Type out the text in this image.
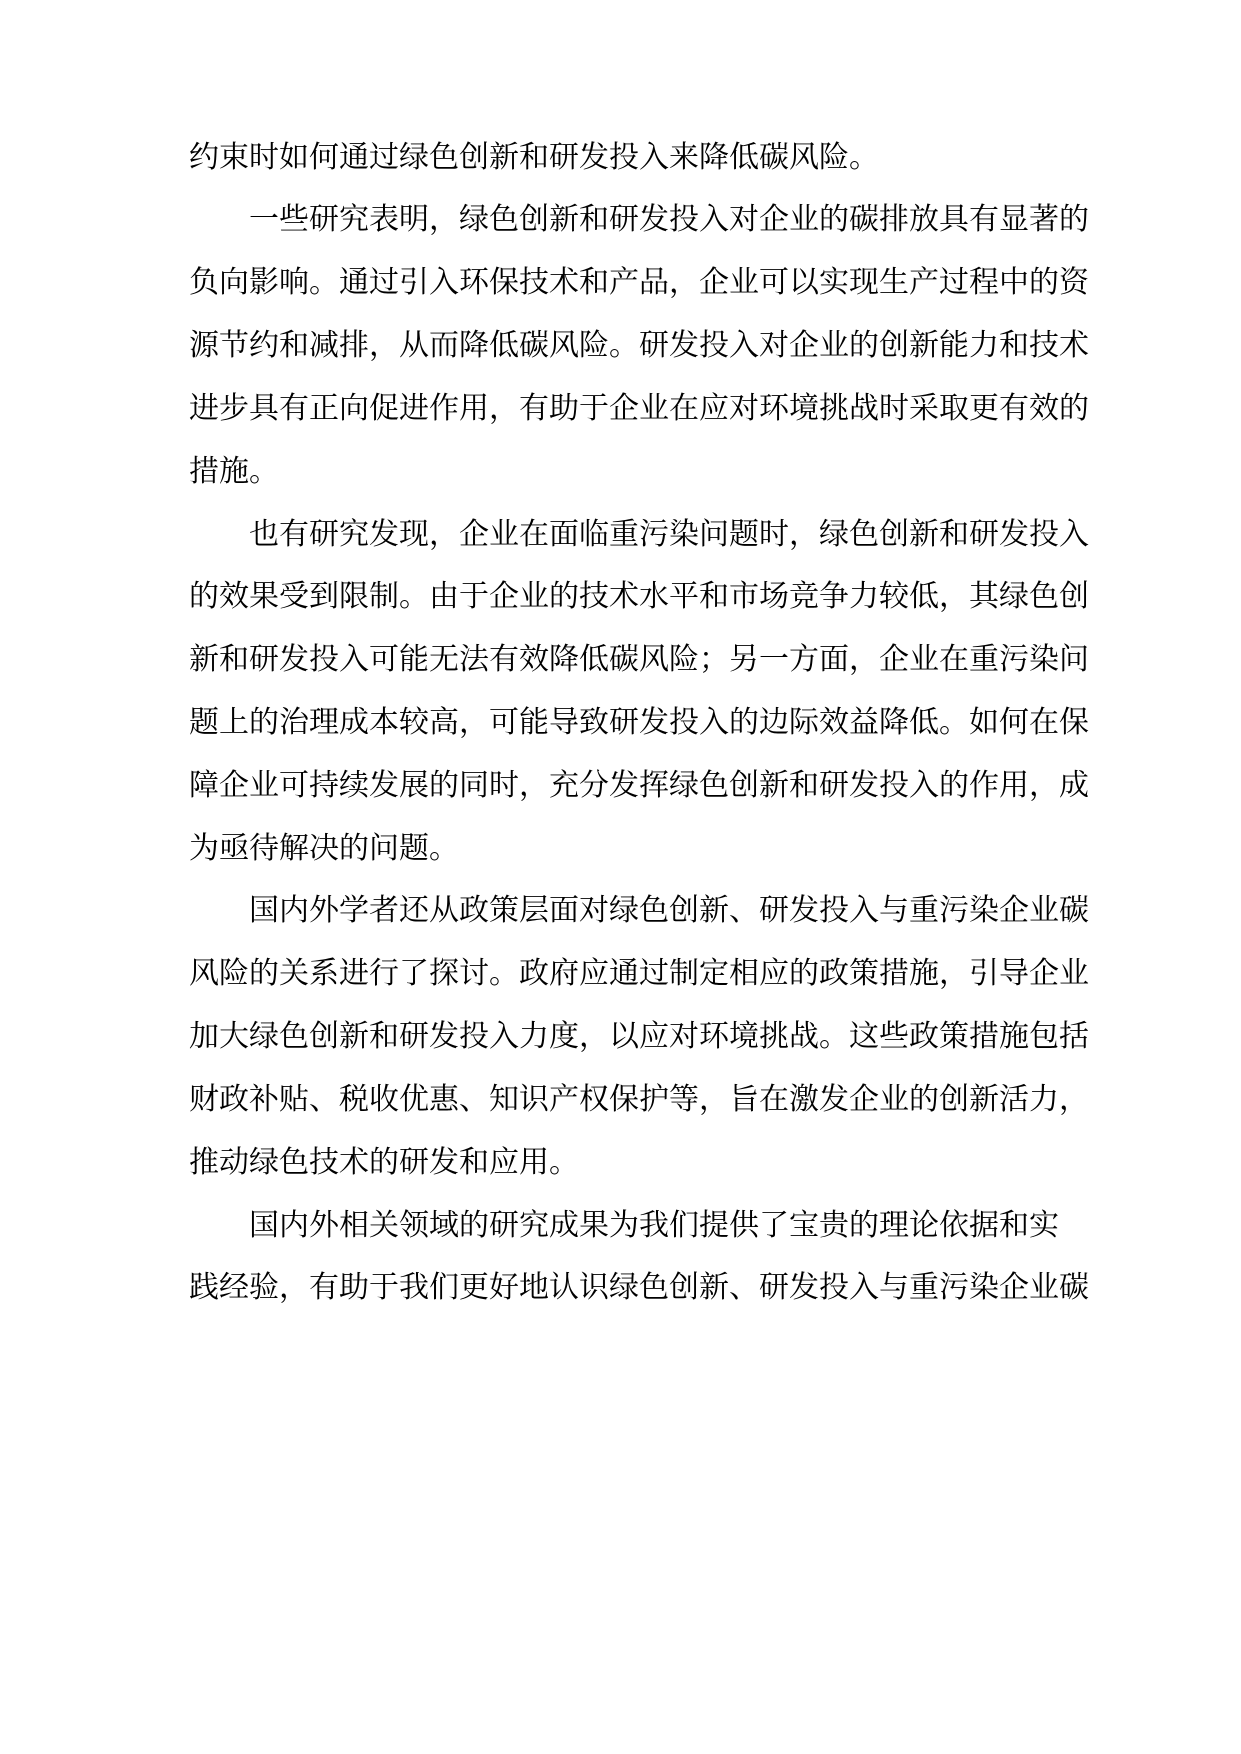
约束时如何通过绿色创新和研发投入来降低碳风险。
一些研究表明，绿色创新和研发投入对企业的碳排放具有显著的
负向影响。通过引入环保技术和产品，企业可以实现生产过程中的资
源节约和减排，从而降低碳风险。研发投入对企业的创新能力和技术
进步具有正向促进作用，有助于企业在应对环境挑战时采取更有效的
措施。
也有研究发现，企业在面临重污染问题时，绿色创新和研发投入
的效果受到限制。由于企业的技术水平和市场竞争力较低，其绿色创
新和研发投入可能无法有效降低碳风险；另一方面，企业在重污染问
题上的治理成本较高，可能导致研发投入的边际效益降低。如何在保
障企业可持续发展的同时，充分发挥绿色创新和研发投入的作用，成
为亟待解决的问题。
国内外学者还从政策层面对绿色创新、研发投入与重污染企业碳
风险的关系进行了探讨。政府应通过制定相应的政策措施，引导企业
加大绿色创新和研发投入力度，以应对环境挑战。这些政策措施包括
财政补贴、税收优惠、知识产权保护等，旨在激发企业的创新活力，
推动绿色技术的研发和应用。
国内外相关领域的研究成果为我们提供了宝贵的理论依据和实
践经验，有助于我们更好地认识绿色创新、研发投入与重污染企业碳
